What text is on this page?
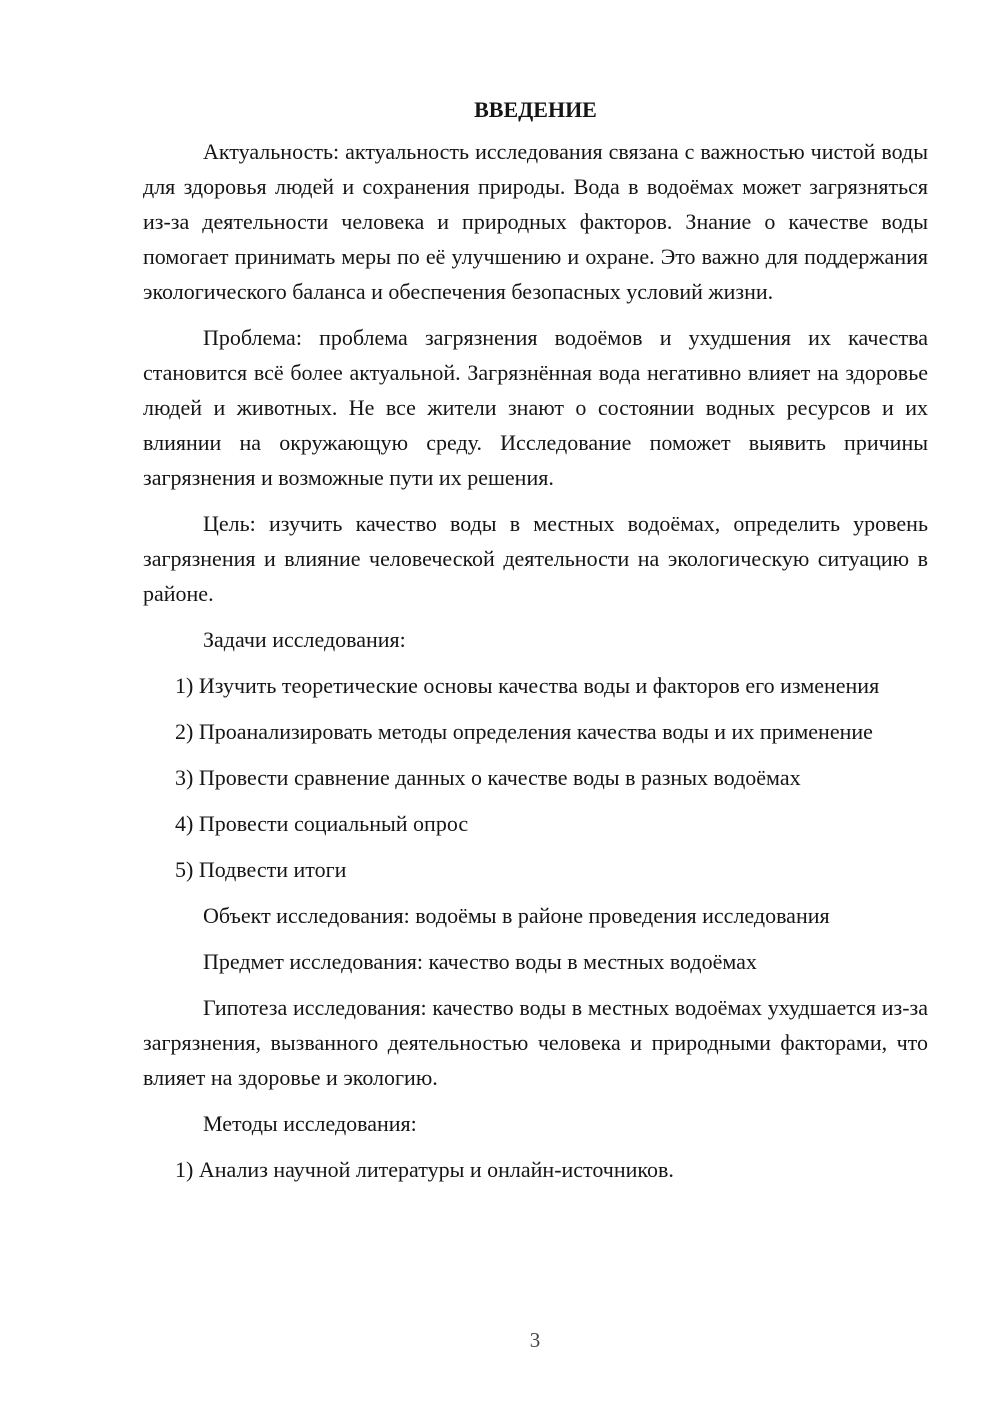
ВВЕДЕНИЕ

Актуальность: актуальность исследования связана с важностью чистой воды для здоровья людей и сохранения природы. Вода в водоёмах может загрязняться из-за деятельности человека и природных факторов. Знание о качестве воды помогает принимать меры по её улучшению и охране. Это важно для поддержания экологического баланса и обеспечения безопасных условий жизни.

Проблема: проблема загрязнения водоёмов и ухудшения их качества становится всё более актуальной. Загрязнённая вода негативно влияет на здоровье людей и животных. Не все жители знают о состоянии водных ресурсов и их влиянии на окружающую среду. Исследование поможет выявить причины загрязнения и возможные пути их решения.

Цель: изучить качество воды в местных водоёмах, определить уровень загрязнения и влияние человеческой деятельности на экологическую ситуацию в районе.

Задачи исследования:

1) Изучить теоретические основы качества воды и факторов его изменения

2) Проанализировать методы определения качества воды и их применение

3) Провести сравнение данных о качестве воды в разных водоёмах

4) Провести социальный опрос

5) Подвести итоги

Объект исследования: водоёмы в районе проведения исследования

Предмет исследования: качество воды в местных водоёмах

Гипотеза исследования: качество воды в местных водоёмах ухудшается из-за загрязнения, вызванного деятельностью человека и природными факторами, что влияет на здоровье и экологию.

Методы исследования:

1) Анализ научной литературы и онлайн-источников.

3
